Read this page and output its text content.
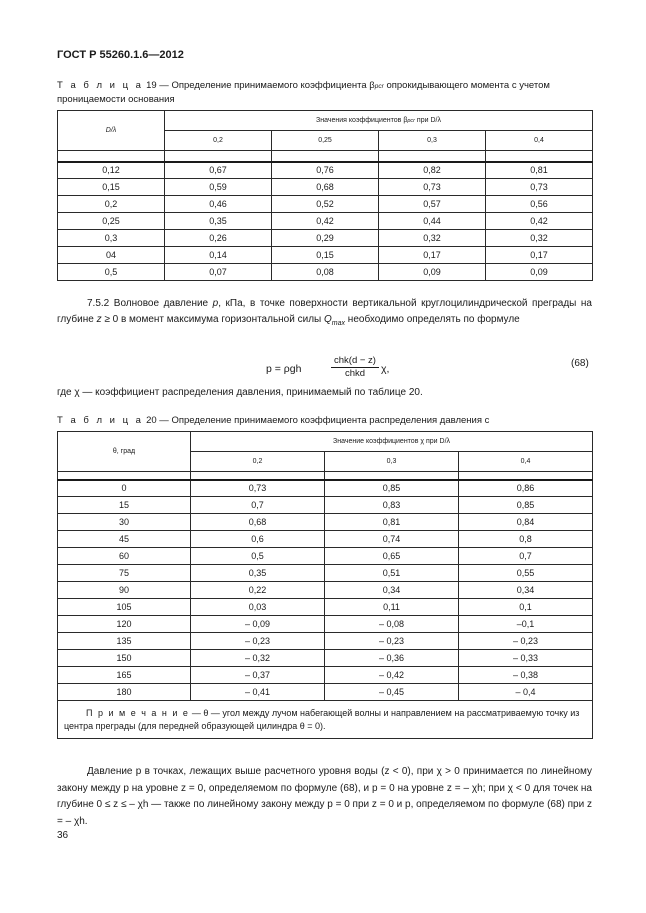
ГОСТ Р 55260.1.6—2012
Т а б л и ц а 19 — Определение принимаемого коэффициента βpcr опрокидывающего момента с учетом проницаемости основания
D/λ	Значения коэффициентов βpcr при D/λ			
	0,2	0,25	0,3	0,4

0,12	0,67	0,76	0,82	0,81
0,15	0,59	0,68	0,73	0,73
0,2	0,46	0,52	0,57	0,56
0,25	0,35	0,42	0,44	0,42
0,3	0,26	0,29	0,32	0,32
04	0,14	0,15	0,17	0,17
0,5	0,07	0,08	0,09	0,09
7.5.2 Волновое давление p, кПа, в точке поверхности вертикальной круглоцилиндрической преграды на глубине z ≥ 0 в момент максимума горизонтальной силы $Q_{max}$ необходимо определять по формуле
p = ρgh
chk(d − z)
chkd	χ,	(68)
где χ — коэффициент распределения давления, принимаемый по таблице 20.
Т а б л и ц а 20 — Определение принимаемого коэффициента распределения давления c
θ, град	Значение коэффициентов χ при D/λ		
	0,2	0,3	0,4

0	0,73	0,85	0,86
15	0,7	0,83	0,85
30	0,68	0,81	0,84
45	0,6	0,74	0,8
60	0,5	0,65	0,7
75	0,35	0,51	0,55
90	0,22	0,34	0,34
105	0,03	0,11	0,1
120	– 0,09	– 0,08	–0,1
135	– 0,23	– 0,23	– 0,23
150	– 0,32	– 0,36	– 0,33
165	– 0,37	– 0,42	– 0,38
180	– 0,41	– 0,45	– 0,4
П р и м е ч а н и е — θ — угол между лучом набегающей волны и направлением на рассматриваемую точку из центра преграды (для передней образующей цилиндра θ = 0).			
Давление p в точках, лежащих выше расчетного уровня воды (z < 0), при χ > 0 принимается по линейному закону между p на уровне z = 0, определяемом по формуле (68), и p = 0 на уровне z = – χh; при χ < 0 для точек на глубине 0 ≤ z ≤ – χh — также по линейному закону между p = 0 при z = 0 и p, определяемом по формуле (68) при z = – χh.
36
